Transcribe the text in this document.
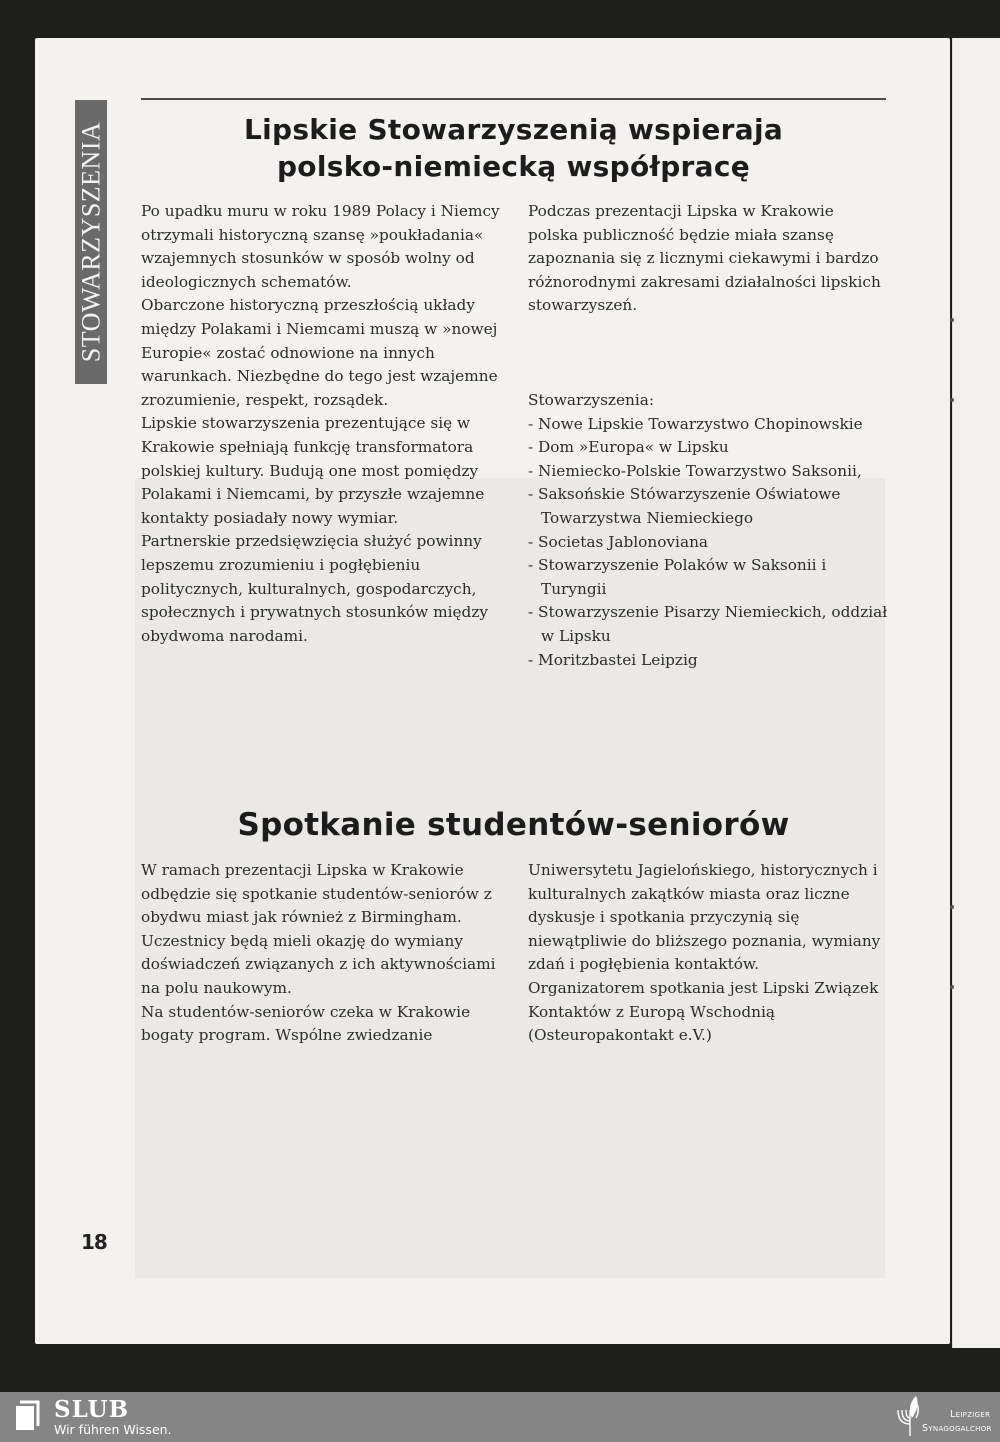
STOWARZYSZENIA	Lipskie Stowarzyszenią wspieraja
polsko-niemiecką współpracę

Po upadku muru w roku 1989 Polacy i Niemcy otrzymali historyczną szansę »poukładania« wzajemnych stosunków w sposób wolny od ideologicznych schematów.

Obarczone historyczną przeszłością układy między Polakami i Niemcami muszą w »nowej Europie« zostać odnowione na innych warunkach. Niezbędne do tego jest wzajemne zrozumienie, respekt, rozsądek.

Lipskie stowarzyszenia prezentujące się w Krakowie spełniają funkcję transformatora polskiej kultury. Budują one most pomiędzy Polakami i Niemcami, by przyszłe wzajemne kontakty posiadały nowy wymiar.

Partnerskie przedsięwzięcia służyć powinny lepszemu zrozumieniu i pogłębieniu politycznych, kulturalnych, gospodarczych, społecznych i prywatnych stosunków między obydwoma narodami.

Podczas prezentacji Lipska w Krakowie polska publiczność będzie miała szansę zapoznania się z licznymi ciekawymi i bardzo różnorodnymi zakresami działalności lipskich stowarzyszeń.

Stowarzyszenia:

- Nowe Lipskie Towarzystwo Chopinowskie
- Dom »Europa« w Lipsku
- Niemiecko-Polskie Towarzystwo Saksonii,
- Saksońskie Stówarzyszenie Oświatowe Towarzystwa Niemieckiego
- Societas Jablonoviana
- Stowarzyszenie Polaków w Saksonii i Turyngii
- Stowarzyszenie Pisarzy Niemieckich, oddział w Lipsku
- Moritzbastei Leipzig
Spotkanie studentów-seniorów

W ramach prezentacji Lipska w Krakowie odbędzie się spotkanie studentów-seniorów z obydwu miast jak również z Birmingham. Uczestnicy będą mieli okazję do wymiany doświadczeń związanych z ich aktywnościami na polu naukowym.

Na studentów-seniorów czeka w Krakowie bogaty program. Wspólne zwiedzanie

Uniwersytetu Jagielońskiego, historycznych i kulturalnych zakątków miasta oraz liczne dyskusje i spotkania przyczynią się niewątpliwie do bliższego poznania, wymiany zdań i pogłębienia kontaktów.

Organizatorem spotkania jest Lipski Związek Kontaktów z Europą Wschodnią (Osteuropakontakt e.V.)

18
SLUB
Wir führen Wissen.
Leipziger
Synagogalchor
